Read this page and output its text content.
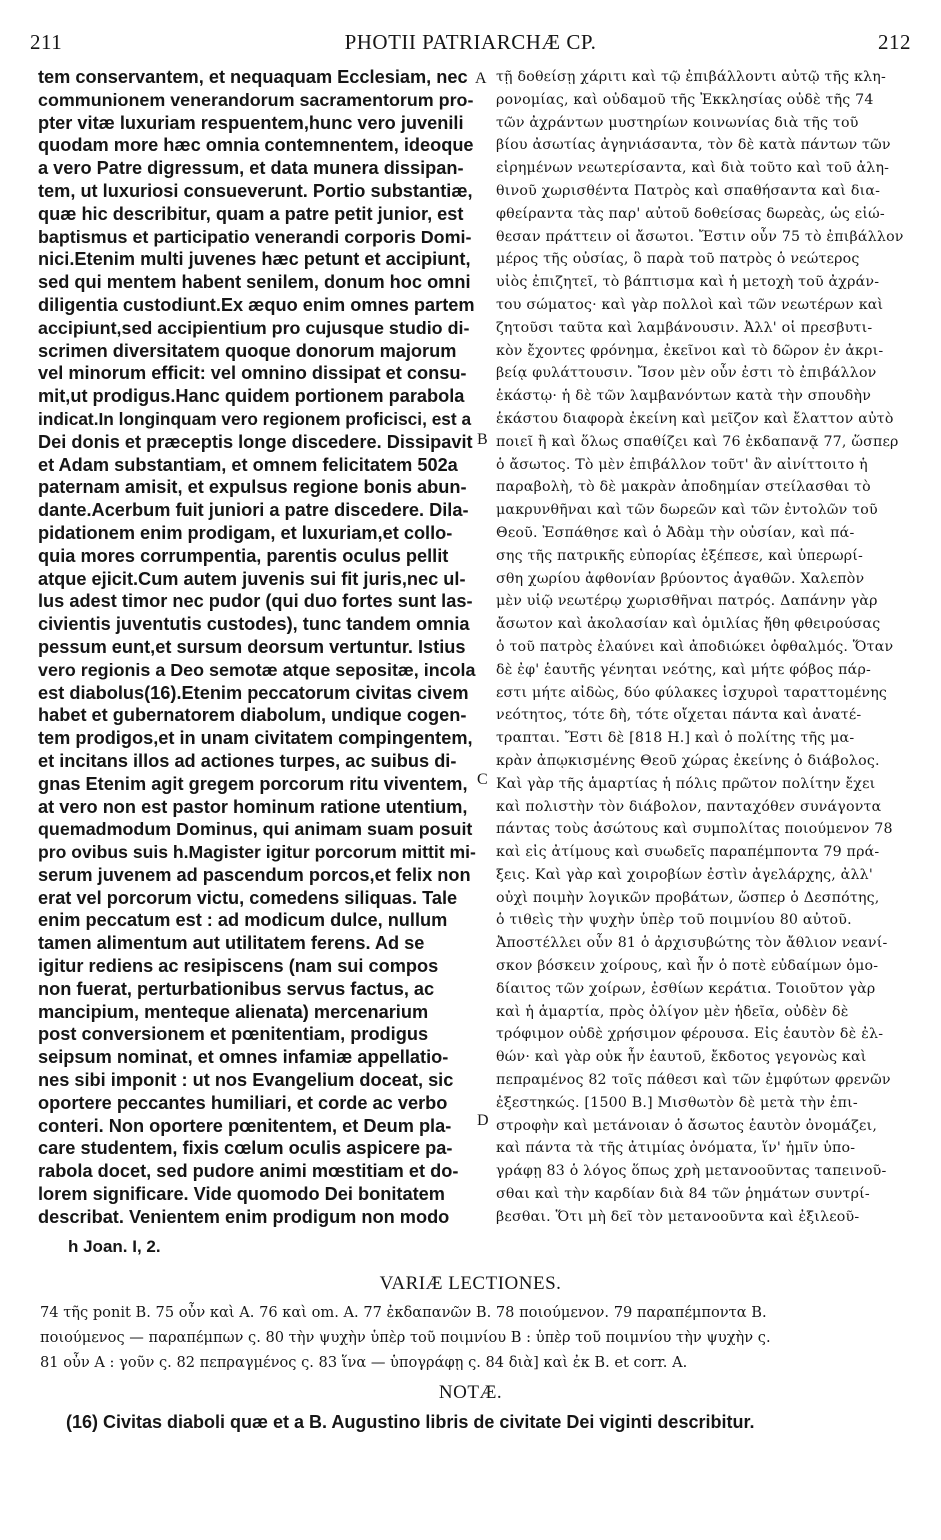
211	PHOTII PATRIARCHÆ CP.	212
tem conservantem, et nequaquam Ecclesiam, nec
communionem venerandorum sacramentorum pro-
pter vitæ luxuriam respuentem,hunc vero juvenili
quodam more hæc omnia contemnentem, ideoque
a vero Patre digressum, et data munera dissipan-
tem, ut luxuriosi consueverunt. Portio substantiæ,
quæ hic describitur, quam a patre petit junior, est
baptismus et participatio venerandi corporis Domi-
nici.Etenim multi juvenes hæc petunt et accipiunt,
sed qui mentem habent senilem, donum hoc omni
diligentia custodiunt.Ex æquo enim omnes partem
accipiunt,sed accipientium pro cujusque studio di-
scrimen diversitatem quoque donorum majorum
vel minorum efficit: vel omnino dissipat et consu-
mit,ut prodigus.Hanc quidem portionem parabola
indicat.In longinquam vero regionem proficisci, est a
Dei donis et præceptis longe discedere. Dissipavit
et Adam substantiam, et omnem felicitatem 502a
paternam amisit, et expulsus regione bonis abun-
dante.Acerbum fuit juniori a patre discedere. Dila-
pidationem enim prodigam, et luxuriam,et collo-
quia mores corrumpentia, parentis oculus pellit
atque ejicit.Cum autem juvenis sui fit juris,nec ul-
lus adest timor nec pudor (qui duo fortes sunt las-
civientis juventutis custodes), tunc tandem omnia
pessum eunt,et sursum deorsum vertuntur. Istius
vero regionis a Deo semotæ atque sepositæ, incola
est diabolus(16).Etenim peccatorum civitas civem
habet et gubernatorem diabolum, undique cogen-
tem prodigos,et in unam civitatem compingentem,
et incitans illos ad actiones turpes, ac suibus di-
gnas Etenim agit gregem porcorum ritu viventem,
at vero non est pastor hominum ratione utentium,
quemadmodum Dominus, qui animam suam posuit
pro ovibus suis h.Magister igitur porcorum mittit mi-
serum juvenem ad pascendum porcos,et felix non
erat vel porcorum victu, comedens siliquas. Tale
enim peccatum est : ad modicum dulce, nullum
tamen alimentum aut utilitatem ferens. Ad se
igitur rediens ac resipiscens (nam sui compos
non fuerat, perturbationibus servus factus, ac
mancipium, menteque alienata) mercenarium
post conversionem et pœnitentiam, prodigus
seipsum nominat, et omnes infamiæ appellatio-
nes sibi imponit : ut nos Evangelium doceat, sic
oportere peccantes humiliari, et corde ac verbo
conteri. Non oportere pœnitentem, et Deum pla-
care studentem, fixis cœlum oculis aspicere pa-
rabola docet, sed pudore animi mœstitiam et do-
lorem significare. Vide quomodo Dei bonitatem
describat. Venientem enim prodigum non modo
τῇ δοθείσῃ χάριτι καὶ τῷ ἐπιβάλλοντι αὐτῷ τῆς κλη-
ρονομίας, καὶ οὐδαμοῦ τῆς Ἐκκλησίας οὐδὲ τῆς 74
τῶν ἀχράντων μυστηρίων κοινωνίας διὰ τῆς τοῦ
βίου ἀσωτίας ἀγηνιάσαντα, τὸν δὲ κατὰ πάντων τῶν
εἰρημένων νεωτερίσαντα, καὶ διὰ τοῦτο καὶ τοῦ ἀλη-
θινοῦ χωρισθέντα Πατρὸς καὶ σπαθήσαντα καὶ δια-
φθείραντα τὰς παρ' αὐτοῦ δοθείσας δωρεὰς, ὡς εἰώ-
θεσαν πράττειν οἱ ἄσωτοι. Ἔστιν οὖν 75 τὸ ἐπιβάλλον
μέρος τῆς οὐσίας, ὃ παρὰ τοῦ πατρὸς ὁ νεώτερος
υἱὸς ἐπιζητεῖ, τὸ βάπτισμα καὶ ἡ μετοχὴ τοῦ ἀχράν-
του σώματος· καὶ γὰρ πολλοὶ καὶ τῶν νεωτέρων καὶ
ζητοῦσι ταῦτα καὶ λαμβάνουσιν. Ἀλλ' οἱ πρεσβυτι-
κὸν ἔχοντες φρόνημα, ἐκεῖνοι καὶ τὸ δῶρον ἐν ἀκρι-
βείᾳ φυλάττουσιν. Ἴσον μὲν οὖν ἐστι τὸ ἐπιβάλλον
ἑκάστῳ· ἡ δὲ τῶν λαμβανόντων κατὰ τὴν σπουδὴν
ἑκάστου διαφορὰ ἐκείνη καὶ μεῖζον καὶ ἔλαττον αὐτὸ
ποιεῖ ἢ καὶ ὅλως σπαθίζει καὶ 76 ἐκδαπανᾷ 77, ὥσπερ
ὁ ἄσωτος. Τὸ μὲν ἐπιβάλλον τοῦτ' ἂν αἰνίττοιτο ἡ
παραβολὴ, τὸ δὲ μακρὰν ἀποδημίαν στείλασθαι τὸ
μακρυνθῆναι καὶ τῶν δωρεῶν καὶ τῶν ἐντολῶν τοῦ
Θεοῦ. Ἐσπάθησε καὶ ὁ Ἀδὰμ τὴν οὐσίαν, καὶ πά-
σης τῆς πατρικῆς εὐπορίας ἐξέπεσε, καὶ ὑπερωρί-
σθη χωρίου ἀφθονίαν βρύοντος ἀγαθῶν. Χαλεπὸν
μὲν υἱῷ νεωτέρῳ χωρισθῆναι πατρός. Δαπάνην γὰρ
ἄσωτον καὶ ἀκολασίαν καὶ ὁμιλίας ἤθη φθειρούσας
ὁ τοῦ πατρὸς ἐλαύνει καὶ ἀποδιώκει ὀφθαλμός. Ὅταν
δὲ ἐφ' ἑαυτῆς γένηται νεότης, καὶ μήτε φόβος πάρ-
εστι μήτε αἰδὼς, δύο φύλακες ἰσχυροὶ ταραττομένης
νεότητος, τότε δὴ, τότε οἴχεται πάντα καὶ ἀνατέ-
τραπται. Ἔστι δὲ [818 H.] καὶ ὁ πολίτης τῆς μα-
κρὰν ἀπῳκισμένης Θεοῦ χώρας ἐκείνης ὁ διάβολος.
Καὶ γὰρ τῆς ἁμαρτίας ἡ πόλις πρῶτον πολίτην ἔχει
καὶ πολιστὴν τὸν διάβολον, πανταχόθεν συνάγοντα
πάντας τοὺς ἀσώτους καὶ συμπολίτας ποιούμενον 78
καὶ εἰς ἀτίμους καὶ συωδεῖς παραπέμποντα 79 πρά-
ξεις. Καὶ γὰρ καὶ χοιροβίων ἐστὶν ἀγελάρχης, ἀλλ'
οὐχὶ ποιμὴν λογικῶν προβάτων, ὥσπερ ὁ Δεσπότης,
ὁ τιθεὶς τὴν ψυχὴν ὑπὲρ τοῦ ποιμνίου 80 αὐτοῦ.
Ἀποστέλλει οὖν 81 ὁ ἀρχισυβώτης τὸν ἄθλιον νεανί-
σκον βόσκειν χοίρους, καὶ ἦν ὁ ποτὲ εὐδαίμων ὁμο-
δίαιτος τῶν χοίρων, ἐσθίων κεράτια. Τοιοῦτον γὰρ
καὶ ἡ ἁμαρτία, πρὸς ὀλίγον μὲν ἡδεῖα, οὐδὲν δὲ
τρόφιμον οὐδὲ χρήσιμον φέρουσα. Εἰς ἑαυτὸν δὲ ἐλ-
θών· καὶ γὰρ οὐκ ἦν ἑαυτοῦ, ἔκδοτος γεγονὼς καὶ
πεπραμένος 82 τοῖς πάθεσι καὶ τῶν ἐμφύτων φρενῶν
ἐξεστηκώς. [1500 B.] Μισθωτὸν δὲ μετὰ τὴν ἐπι-
στροφὴν καὶ μετάνοιαν ὁ ἄσωτος ἑαυτὸν ὀνομάζει,
καὶ πάντα τὰ τῆς ἀτιμίας ὀνόματα, ἵν' ἡμῖν ὑπο-
γράφῃ 83 ὁ λόγος ὅπως χρὴ μετανοοῦντας ταπεινοῦ-
σθαι καὶ τὴν καρδίαν διὰ 84 τῶν ῥημάτων συντρί-
βεσθαι. Ὅτι μὴ δεῖ τὸν μετανοοῦντα καὶ ἐξιλεοῦ-
A
B
C
D
h Joan. I, 2.
VARIÆ LECTIONES.
74 τῆς ponit B. 75 οὖν καὶ A. 76 καὶ om. A. 77 ἐκδαπανῶν B. 78 ποιούμενον. 79 παραπέμποντα B.
ποιούμενος — παραπέμπων ς. 80 τὴν ψυχὴν ὑπὲρ τοῦ ποιμνίου B : ὑπὲρ τοῦ ποιμνίου τὴν ψυχὴν ς.
81 οὖν A : γοῦν ς. 82 πεπραγμένος ς. 83 ἵνα — ὑπογράφῃ ς. 84 διὰ] καὶ ἐκ B. et corr. A.
NOTÆ.
(16) Civitas diaboli quæ et a B. Augustino libris de civitate Dei viginti describitur.
